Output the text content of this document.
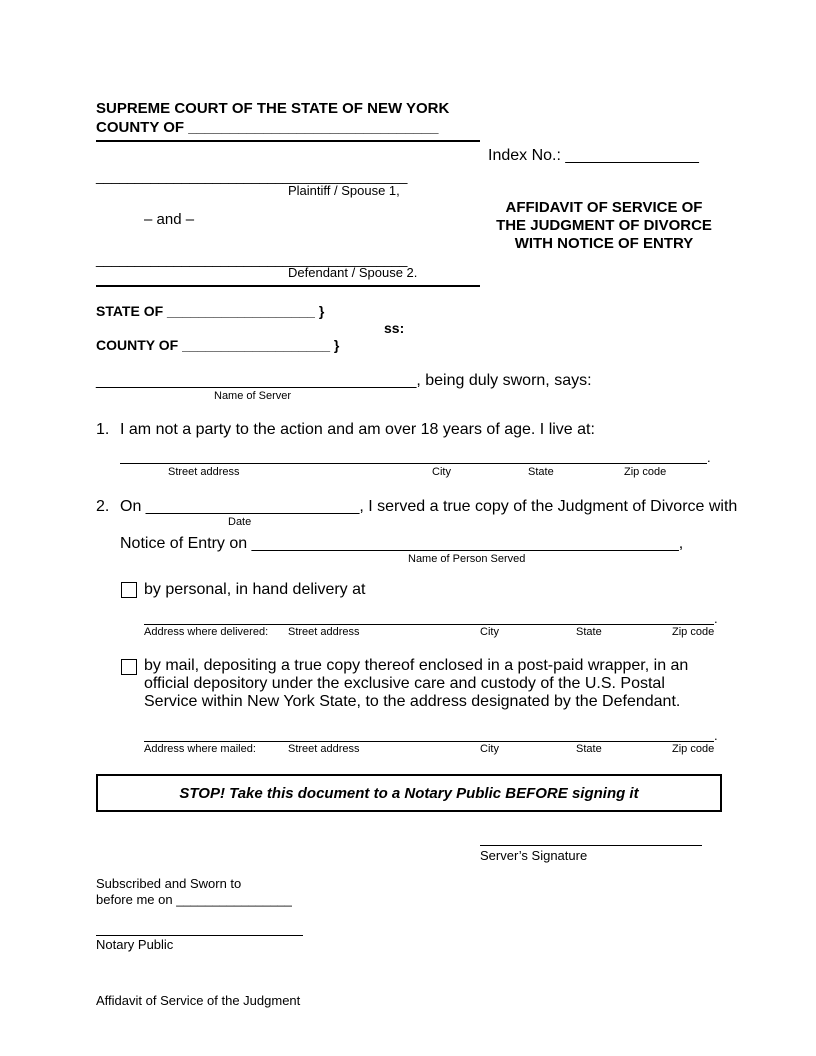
SUPREME COURT OF THE STATE OF NEW YORK
COUNTY OF ______________________________
Index No.: _______________
________________________________________
Plaintiff / Spouse 1,
– and –
________________________________________
Defendant / Spouse 2.
AFFIDAVIT OF SERVICE OF
THE JUDGMENT OF DIVORCE
WITH NOTICE OF ENTRY
STATE OF ___________________ }
ss:
COUNTY OF ___________________ }
____________________________________, being duly sworn, says:
Name of Server
1. I am not a party to the action and am over 18 years of age. I live at:
.
Street address	City	State	Zip code
2. On ________________________, I served a true copy of the Judgment of Divorce with
Date
Notice of Entry on ________________________________________________,
Name of Person Served
by personal, in hand delivery at
.
Address where delivered: Street address	City	State	Zip code
by mail, depositing a true copy thereof enclosed in a post-paid wrapper, in an
official depository under the exclusive care and custody of the U.S. Postal
Service within New York State, to the address designated by the Defendant.
.
Address where mailed:	Street address	City	State	Zip code
STOP! Take this document to a Notary Public BEFORE signing it
Server’s Signature
Subscribed and Sworn to
before me on ________________
Notary Public
Affidavit of Service of the Judgment
